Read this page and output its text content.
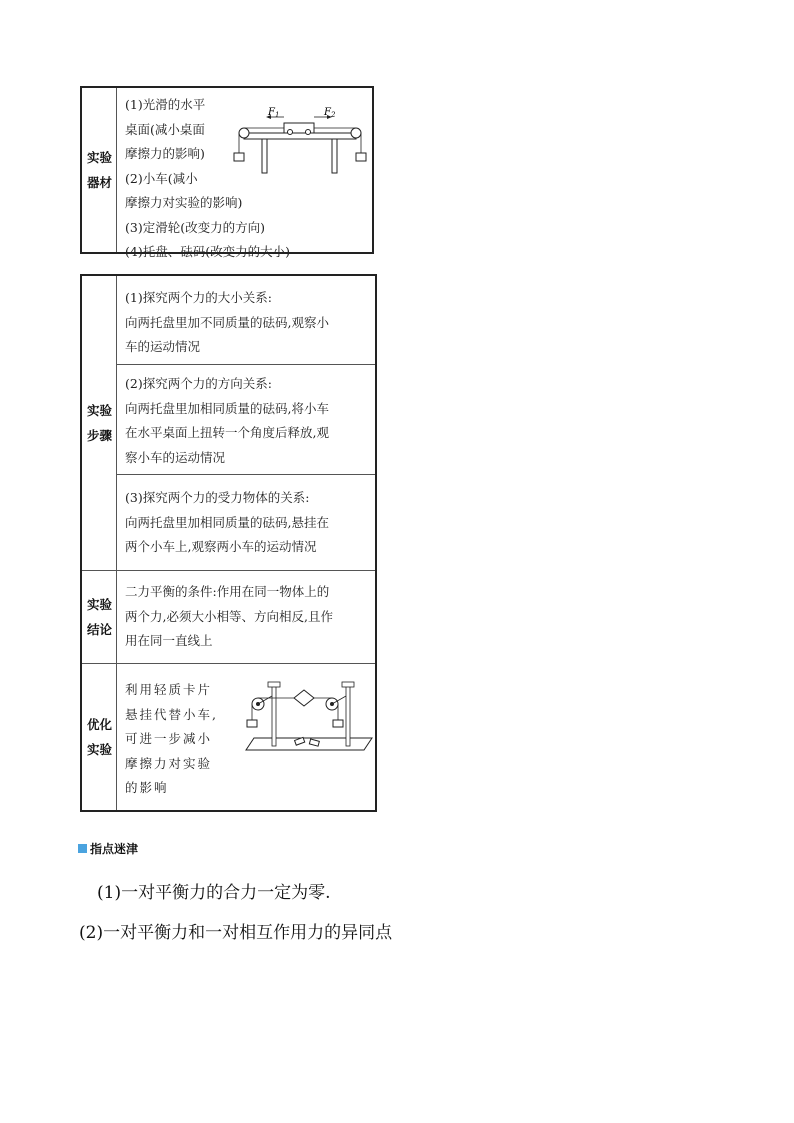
实验
器材
(1)光滑的水平
桌面(减小桌面
摩擦力的影响)
(2)小车(减小
摩擦力对实验的影响)
(3)定滑轮(改变力的方向)
(4)托盘、砝码(改变力的大小)
$F_1$	$F_2$
实验
步骤
实验
结论
优化
实验
(1)探究两个力的大小关系:
向两托盘里加不同质量的砝码,观察小
车的运动情况
(2)探究两个力的方向关系:
向两托盘里加相同质量的砝码,将小车
在水平桌面上扭转一个角度后释放,观
察小车的运动情况
(3)探究两个力的受力物体的关系:
向两托盘里加相同质量的砝码,悬挂在
两个小车上,观察两小车的运动情况
二力平衡的条件:作用在同一物体上的
两个力,必须大小相等、方向相反,且作
用在同一直线上
利用轻质卡片
悬挂代替小车,
可进一步减小
摩擦力对实验
的影响
指点迷津
(1)一对平衡力的合力一定为零.
(2)一对平衡力和一对相互作用力的异同点
